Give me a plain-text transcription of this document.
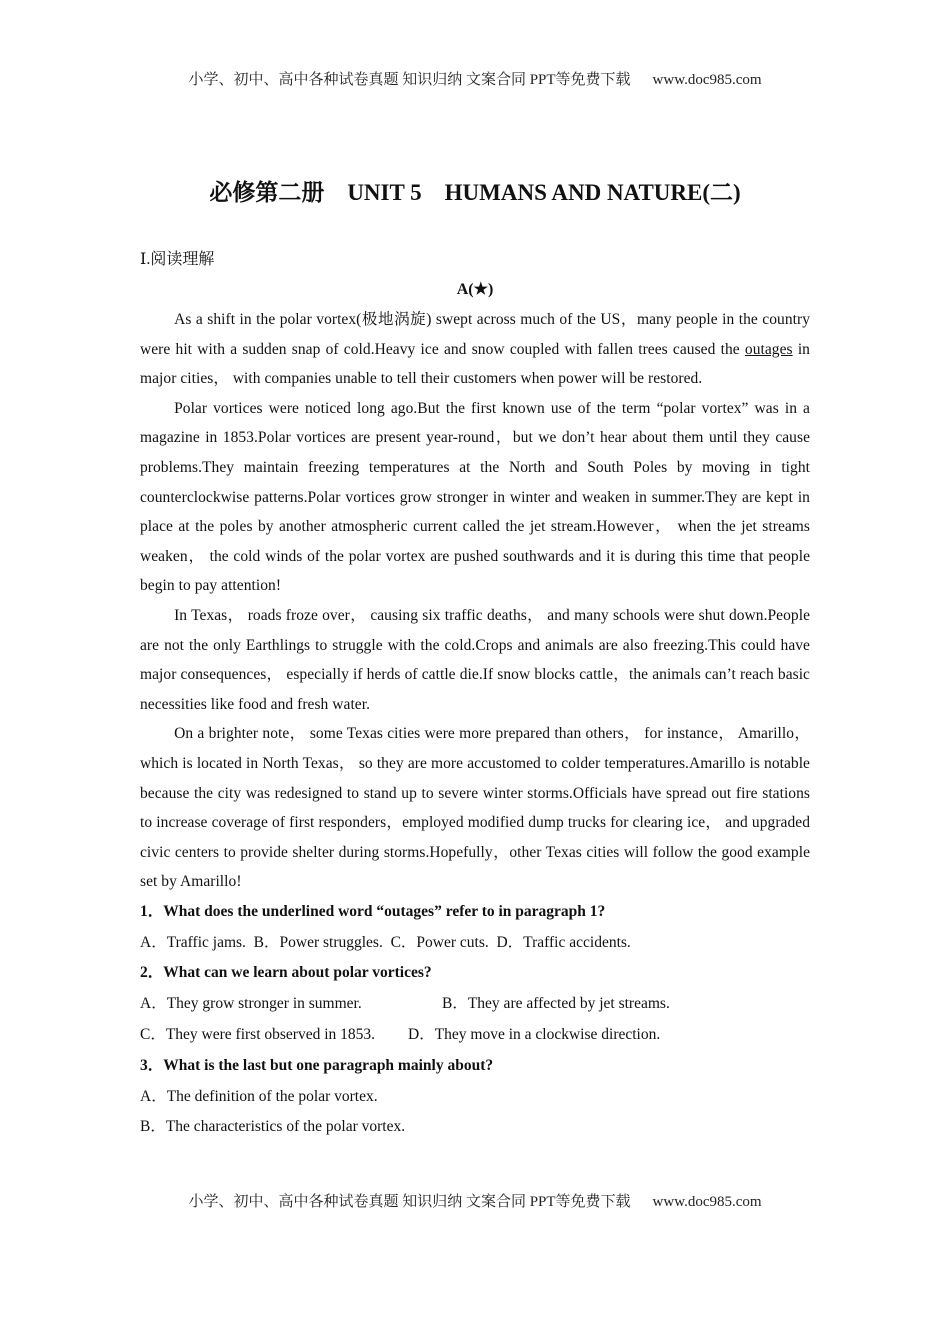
小学、初中、高中各种试卷真题 知识归纳 文案合同 PPT等免费下载 www.doc985.com
必修第二册    UNIT 5    HUMANS AND NATURE(二)

Ⅰ.阅读理解

A(★)

As a shift in the polar vortex(极地涡旋) swept across much of the US，many people in the country were hit with a sudden snap of cold.Heavy ice and snow coupled with fallen trees caused the outages in major cities， with companies unable to tell their customers when power will be restored.

Polar vortices were noticed long ago.But the first known use of the term “polar vortex” was in a magazine in 1853.Polar vortices are present year-round，but we don’t hear about them until they cause problems.They maintain freezing temperatures at the North and South Poles by moving in tight counterclockwise patterns.Polar vortices grow stronger in winter and weaken in summer.They are kept in place at the poles by another atmospheric current called the jet stream.However， when the jet streams weaken， the cold winds of the polar vortex are pushed southwards and it is during this time that people begin to pay attention!

In Texas， roads froze over， causing six traffic deaths， and many schools were shut down.People are not the only Earthlings to struggle with the cold.Crops and animals are also freezing.This could have major consequences， especially if herds of cattle die.If snow blocks cattle，the animals can’t reach basic necessities like food and fresh water.

On a brighter note， some Texas cities were more prepared than others， for instance， Amarillo， which is located in North Texas， so they are more accustomed to colder temperatures.Amarillo is notable because the city was redesigned to stand up to severe winter storms.Officials have spread out fire stations to increase coverage of first responders，employed modified dump trucks for clearing ice， and upgraded civic centers to provide shelter during storms.Hopefully，other Texas cities will follow the good example set by Amarillo!

1．What does the underlined word “outages” refer to in paragraph 1?

A．Traffic jams.  B．Power struggles.  C．Power cuts.  D．Traffic accidents.

2．What can we learn about polar vortices?

A．They grow stronger in summer.	B．They are affected by jet streams.

C．They were first observed in 1853. D．They move in a clockwise direction.

3．What is the last but one paragraph mainly about?

A．The definition of the polar vortex.

B．The characteristics of the polar vortex.

小学、初中、高中各种试卷真题 知识归纳 文案合同 PPT等免费下载 www.doc985.com
